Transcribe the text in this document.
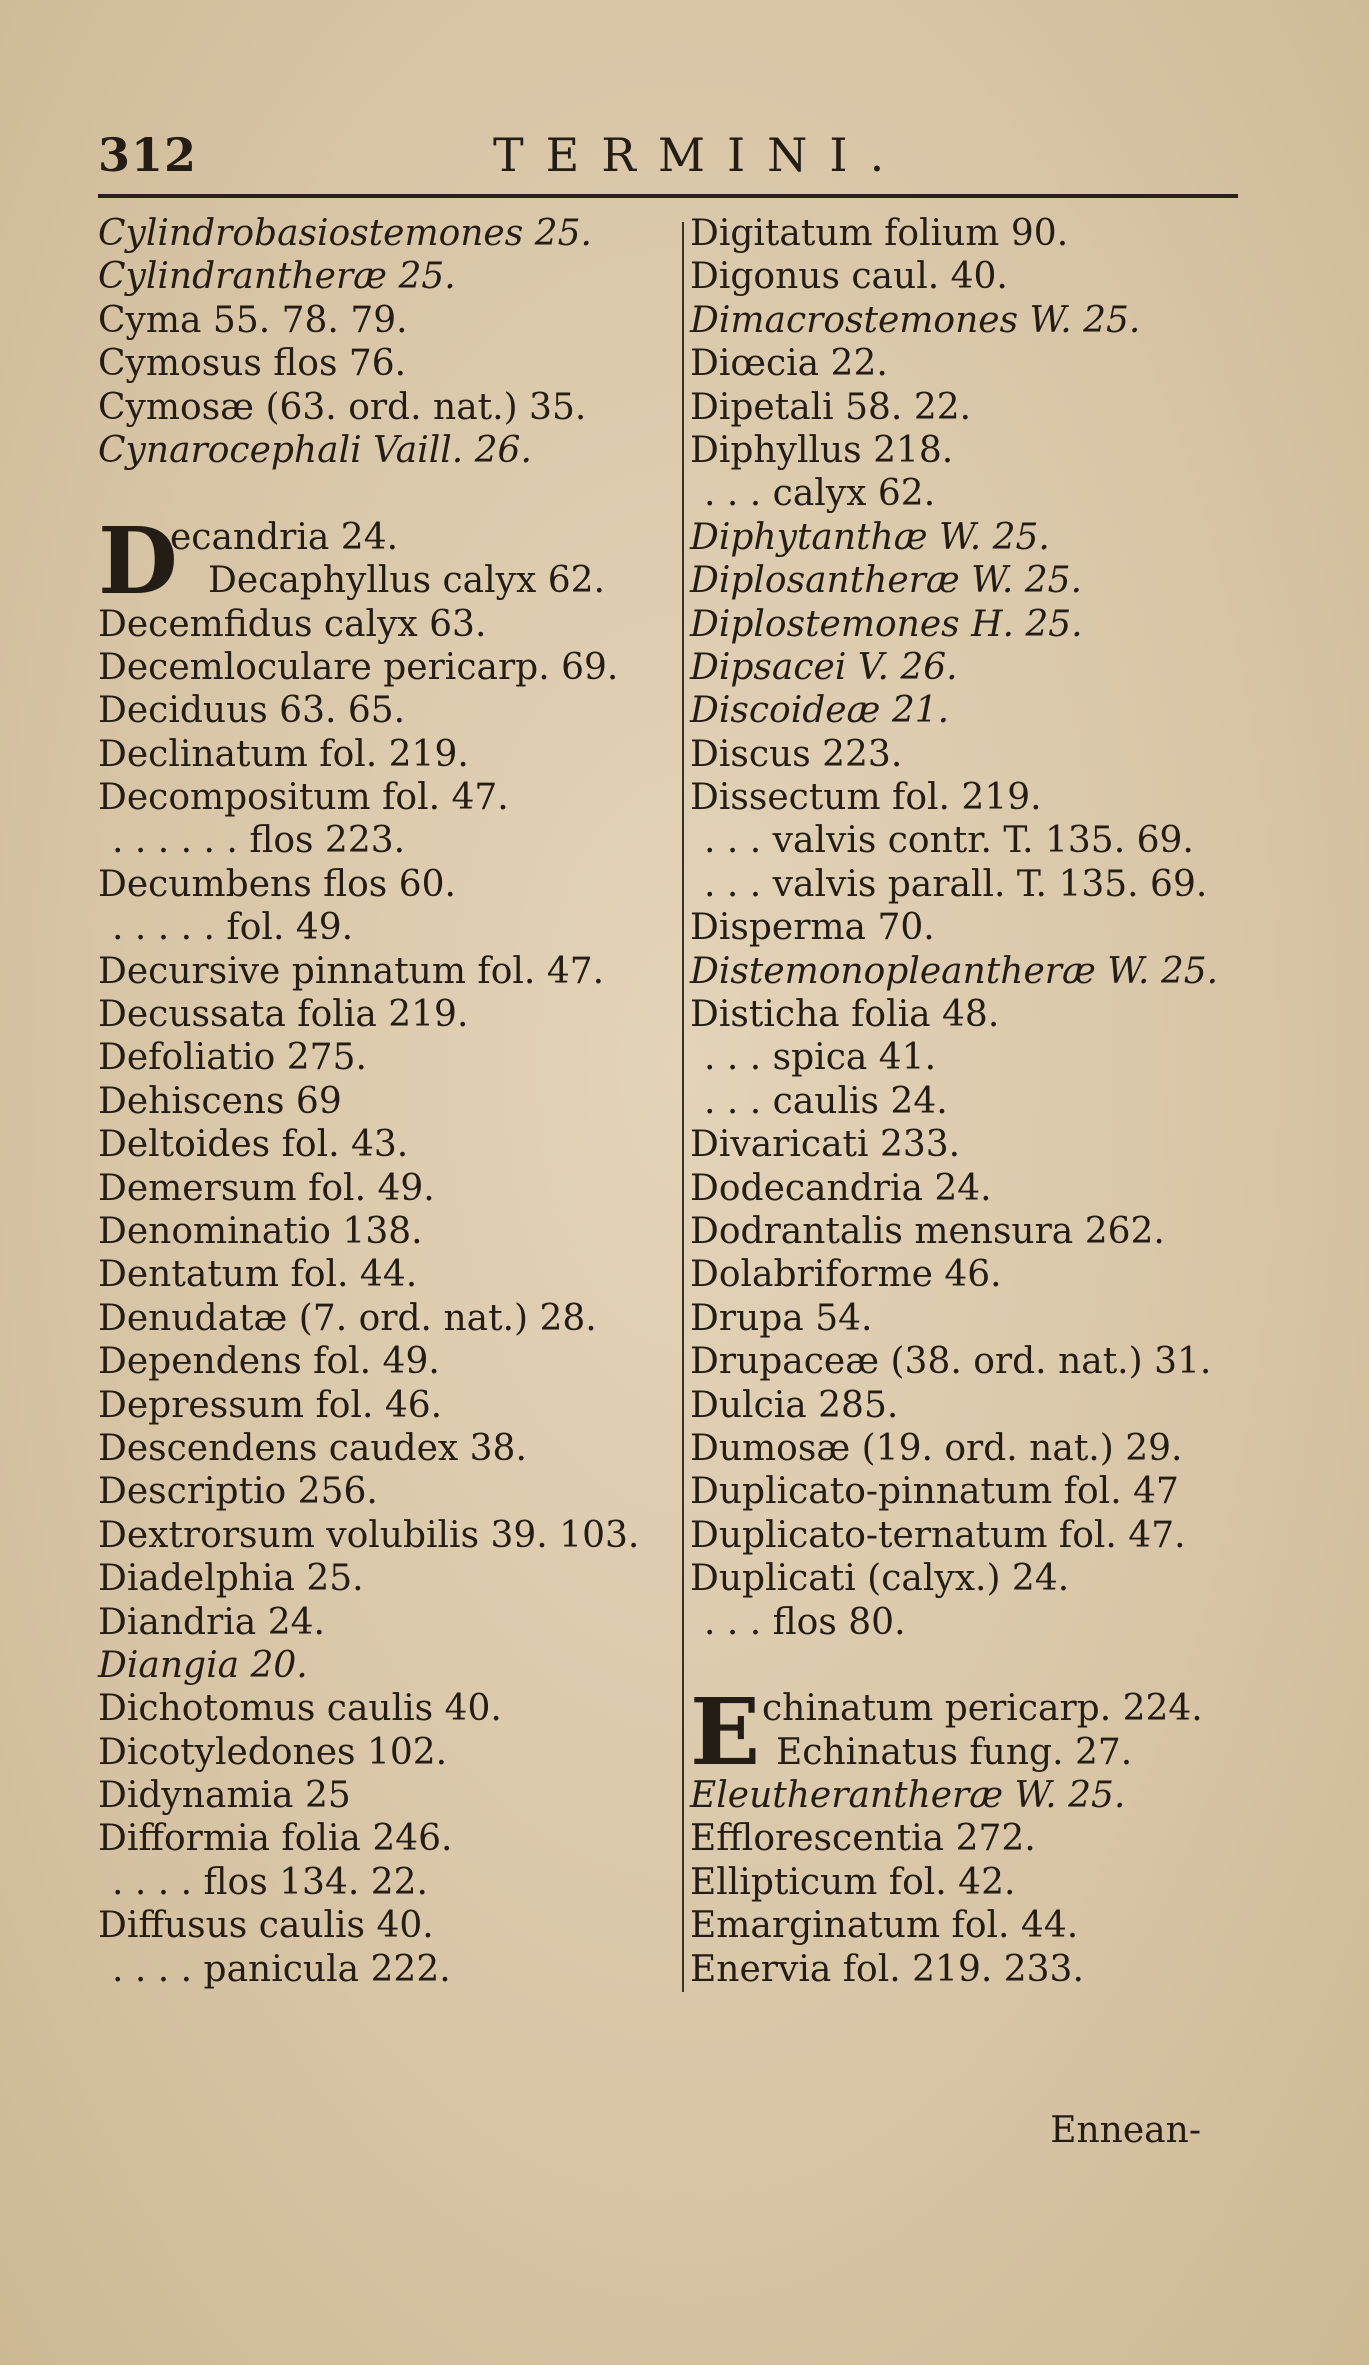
312	TERMINI.
Cylindrobasiostemones 25.
Cylindrantheræ 25.
Cyma 55. 78. 79.
Cymosus flos 76.
Cymosæ (63. ord. nat.) 35.
Cynarocephali Vaill. 26.
D
ecandria 24.
Decaphyllus calyx 62.
Decemfidus calyx 63.
Decemloculare pericarp. 69.
Deciduus 63. 65.
Declinatum fol. 219.
Decompositum fol. 47.
. . . . . . flos 223.
Decumbens flos 60.
. . . . . fol. 49.
Decursive pinnatum fol. 47.
Decussata folia 219.
Defoliatio 275.
Dehiscens 69
Deltoides fol. 43.
Demersum fol. 49.
Denominatio 138.
Dentatum fol. 44.
Denudatæ (7. ord. nat.) 28.
Dependens fol. 49.
Depressum fol. 46.
Descendens caudex 38.
Descriptio 256.
Dextrorsum volubilis 39. 103.
Diadelphia 25.
Diandria 24.
Diangia 20.
Dichotomus caulis 40.
Dicotyledones 102.
Didynamia 25
Difformia folia 246.
. . . . flos 134. 22.
Diffusus caulis 40.
. . . . panicula 222.
Digitatum folium 90.
Digonus caul. 40.
Dimacrostemones W. 25.
Diœcia 22.
Dipetali 58. 22.
Diphyllus 218.
. . . calyx 62.
Diphytanthæ W. 25.
Diplosantheræ W. 25.
Diplostemones H. 25.
Dipsacei V. 26.
Discoideæ 21.
Discus 223.
Dissectum fol. 219.
. . . valvis contr. T. 135. 69.
. . . valvis parall. T. 135. 69.
Disperma 70.
Distemonopleantheræ W. 25.
Disticha folia 48.
. . . spica 41.
. . . caulis 24.
Divaricati 233.
Dodecandria 24.
Dodrantalis mensura 262.
Dolabriforme 46.
Drupa 54.
Drupaceæ (38. ord. nat.) 31.
Dulcia 285.
Dumosæ (19. ord. nat.) 29.
Duplicato-pinnatum fol. 47
Duplicato-ternatum fol. 47.
Duplicati (calyx.) 24.
. . . flos 80.
E chinatum pericarp. 224.
Echinatus fung. 27.
Eleutherantheræ W. 25.
Efflorescentia 272.
Ellipticum fol. 42.
Emarginatum fol. 44.
Enervia fol. 219. 233.
Ennean-
